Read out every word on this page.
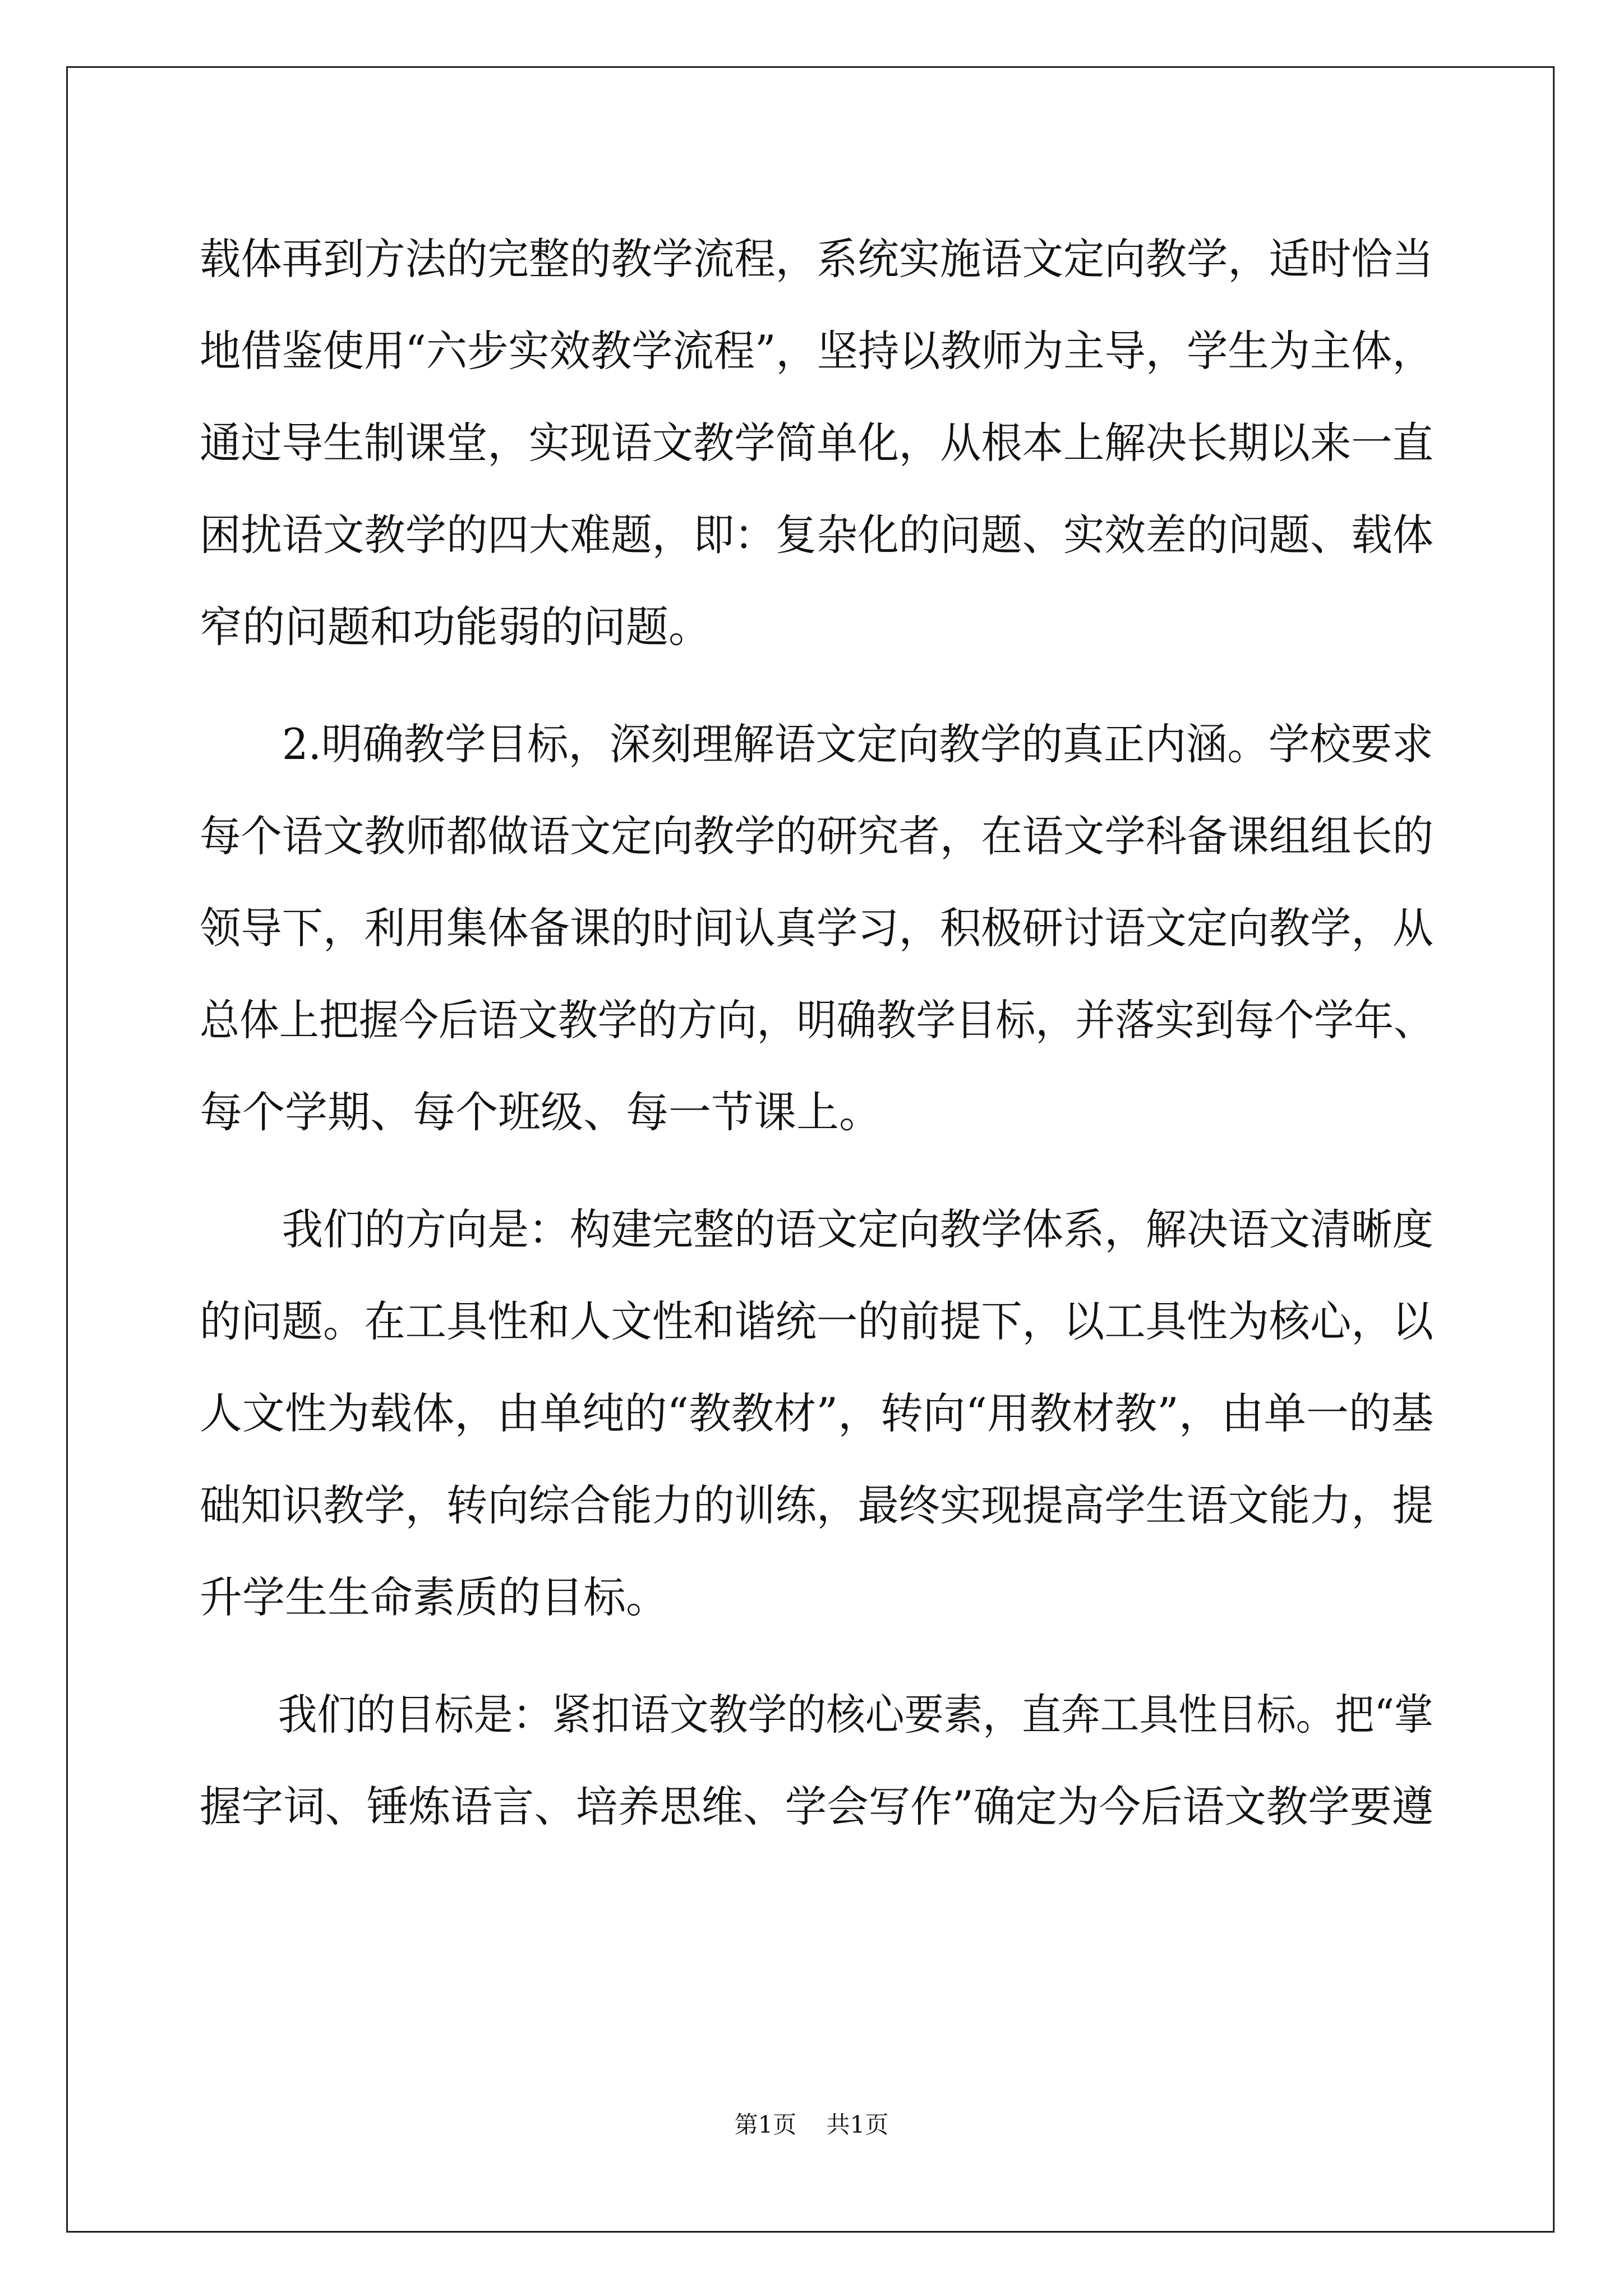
载体再到方法的完整的教学流程，系统实施语文定向教学，适时恰当
地借鉴使用“六步实效教学流程”，坚持以教师为主导，学生为主体，
通过导生制课堂，实现语文教学简单化，从根本上解决长期以来一直
困扰语文教学的四大难题，即：复杂化的问题、实效差的问题、载体
窄的问题和功能弱的问题。
2.明确教学目标，深刻理解语文定向教学的真正内涵。学校要求
每个语文教师都做语文定向教学的研究者，在语文学科备课组组长的
领导下，利用集体备课的时间认真学习，积极研讨语文定向教学，从
总体上把握今后语文教学的方向，明确教学目标，并落实到每个学年、
每个学期、每个班级、每一节课上。
我们的方向是：构建完整的语文定向教学体系，解决语文清晰度
的问题。在工具性和人文性和谐统一的前提下，以工具性为核心，以
人文性为载体，由单纯的“教教材”，转向“用教材教”，由单一的基
础知识教学，转向综合能力的训练，最终实现提高学生语文能力，提
升学生生命素质的目标。
我们的目标是：紧扣语文教学的核心要素，直奔工具性目标。把“掌
握字词、锤炼语言、培养思维、学会写作”确定为今后语文教学要遵
第1页 共1页
